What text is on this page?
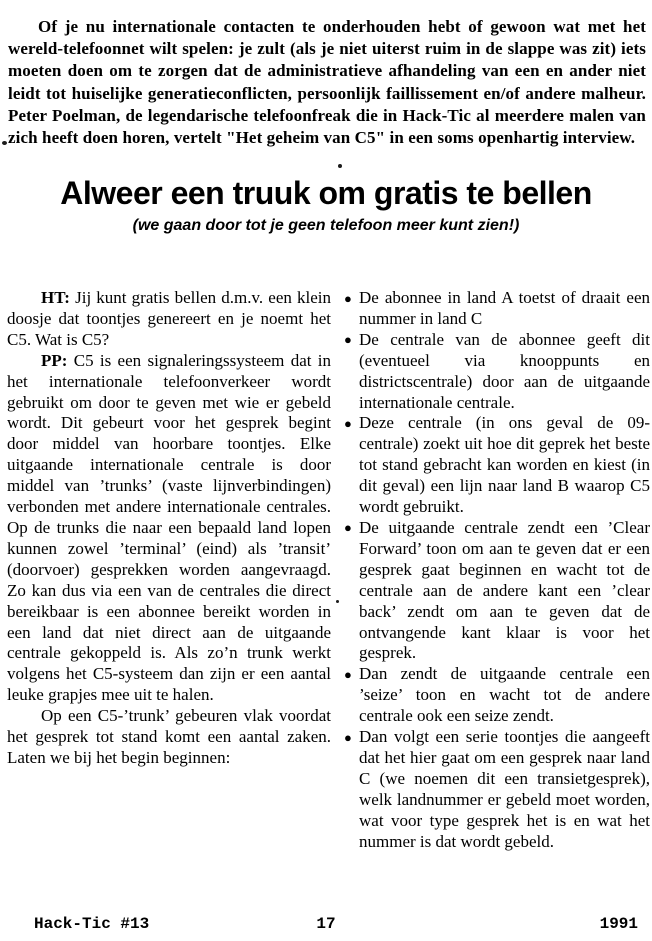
Of je nu internationale contacten te onderhouden hebt of gewoon wat met het wereld-telefoonnet wilt spelen: je zult (als je niet uiterst ruim in de slappe was zit) iets moeten doen om te zorgen dat de administratieve afhandeling van een en ander niet leidt tot huiselijke generatieconflicten, persoonlijk faillissement en/of andere malheur. Peter Poelman, de legendarische telefoonfreak die in Hack-Tic al meerdere malen van zich heeft doen horen, vertelt "Het geheim van C5" in een soms openhartig interview.

Alweer een truuk om gratis te bellen

(we gaan door tot je geen telefoon meer kunt zien!)

HT: Jij kunt gratis bellen d.m.v. een klein doosje dat toontjes genereert en je noemt het C5. Wat is C5?

PP: C5 is een signaleringssysteem dat in het internationale telefoonverkeer wordt gebruikt om door te geven met wie er gebeld wordt. Dit gebeurt voor het gesprek begint door middel van hoorbare toontjes. Elke uitgaande internationale centrale is door middel van ’trunks’ (vaste lijnverbindingen) verbonden met andere internationale centrales. Op de trunks die naar een bepaald land lopen kunnen zowel ’terminal’ (eind) als ’transit’ (doorvoer) gesprekken worden aangevraagd. Zo kan dus via een van de centrales die direct bereikbaar is een abonnee bereikt worden in een land dat niet direct aan de uitgaande centrale gekoppeld is. Als zo’n trunk werkt volgens het C5-systeem dan zijn er een aantal leuke grapjes mee uit te halen.

Op een C5-’trunk’ gebeuren vlak voordat het gesprek tot stand komt een aantal zaken. Laten we bij het begin beginnen:

● De abonnee in land A toetst of draait een nummer in land C
● De centrale van de abonnee geeft dit (eventueel via knooppunts en districtscentrale) door aan de uitgaande internationale centrale.
● Deze centrale (in ons geval de 09-centrale) zoekt uit hoe dit geprek het beste tot stand gebracht kan worden en kiest (in dit geval) een lijn naar land B waarop C5 wordt gebruikt.
● De uitgaande centrale zendt een ’Clear Forward’ toon om aan te geven dat er een gesprek gaat beginnen en wacht tot de centrale aan de andere kant een ’clear back’ zendt om aan te geven dat de ontvangende kant klaar is voor het gesprek.
● Dan zendt de uitgaande centrale een ’seize’ toon en wacht tot de andere centrale ook een seize zendt.
● Dan volgt een serie toontjes die aangeeft dat het hier gaat om een gesprek naar land C (we noemen dit een transietgesprek), welk landnummer er gebeld moet worden, wat voor type gesprek het is en wat het nummer is dat wordt gebeld.
Hack-Tic #13	17	1991
